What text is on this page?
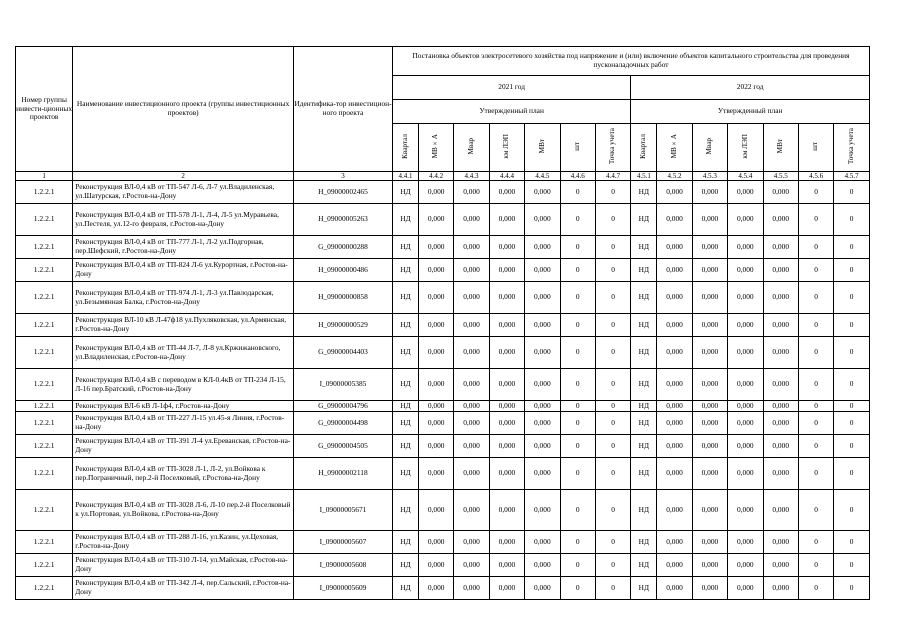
Номер группы инвести-ционных проектов	Наименование инвестиционного проекта (группы инвестиционных проектов)	Идентифика-тор инвестицион-ного проекта	Постановка объектов электросетевого хозяйства под напряжение и (или) включение объектов капитального строительства для проведения пусконаладочных работ													
			2021 год							2022 год						
			Утвержденный план							Утвержденный план						
			Квартал	МВ×А	Мвар	км ЛЭП	МВт	шт	Точка учета	Квартал	МВ×А	Мвар	км ЛЭП	МВт	шт	Точка учета
1	2	3	4.4.1	4.4.2	4.4.3	4.4.4	4.4.5	4.4.6	4.4.7	4.5.1	4.5.2	4.5.3	4.5.4	4.5.5	4.5.6	4.5.7
1.2.2.1	Реконструкция ВЛ-0,4 кВ от ТП-547 Л-6, Л-7 ул.Владиленская, ул.Шатурская, г.Ростов-на-Дону	H_09000002465	НД	0,000	0,000	0,000	0,000	0	0	НД	0,000	0,000	0,000	0,000	0	0
1.2.2.1	Реконструкция ВЛ-0,4 кВ от ТП-578 Л-1, Л-4, Л-5 ул.Муравьева, ул.Пестеля, ул.12-го февраля, г.Ростов-на-Дону	H_09000005263	НД	0,000	0,000	0,000	0,000	0	0	НД	0,000	0,000	0,000	0,000	0	0
1.2.2.1	Реконструкция ВЛ-0,4 кВ от ТП-777 Л-1, Л-2 ул.Подгорная, пер.Шефский, г.Ростов-на-Дону	G_09000000288	НД	0,000	0,000	0,000	0,000	0	0	НД	0,000	0,000	0,000	0,000	0	0
1.2.2.1	Реконструкция ВЛ-0,4 кВ от ТП-824 Л-6 ул.Курортная, г.Ростов-на-Дону	H_09000000486	НД	0,000	0,000	0,000	0,000	0	0	НД	0,000	0,000	0,000	0,000	0	0
1.2.2.1	Реконструкция ВЛ-0,4 кВ от ТП-974 Л-1, Л-3 ул.Павлодарская, ул.Безымянная Балка, г.Ростов-на-Дону	H_09000000858	НД	0,000	0,000	0,000	0,000	0	0	НД	0,000	0,000	0,000	0,000	0	0
1.2.2.1	Реконструкция ВЛ-10 кВ Л-47ф18 ул.Пухляковская, ул.Армянская, г.Ростов-на-Дону	H_09000000529	НД	0,000	0,000	0,000	0,000	0	0	НД	0,000	0,000	0,000	0,000	0	0
1.2.2.1	Реконструкция ВЛ-0,4 кВ от ТП-44 Л-7, Л-8 ул.Кржижановского, ул.Владиленская, г.Ростов-на-Дону	G_09000004403	НД	0,000	0,000	0,000	0,000	0	0	НД	0,000	0,000	0,000	0,000	0	0
1.2.2.1	Реконструкция ВЛ-0,4 кВ с переводом в КЛ-0.4кВ от ТП-234 Л-15, Л-16 пер.Братский, г.Ростов-на-Дону	I_09000005385	НД	0,000	0,000	0,000	0,000	0	0	НД	0,000	0,000	0,000	0,000	0	0
1.2.2.1	Реконструкция ВЛ-6 кВ Л-1ф4, г.Ростов-на-Дону	G_09000004796	НД	0,000	0,000	0,000	0,000	0	0	НД	0,000	0,000	0,000	0,000	0	0
1.2.2.1	Реконструкция ВЛ-0,4 кВ от ТП-227 Л-15 ул.45-я Линия, г.Ростов-на-Дону	G_09000004498	НД	0,000	0,000	0,000	0,000	0	0	НД	0,000	0,000	0,000	0,000	0	0
1.2.2.1	Реконструкция ВЛ-0,4 кВ от ТП-391 Л-4 ул.Ереванская, г.Ростов-на-Дону	G_09000004505	НД	0,000	0,000	0,000	0,000	0	0	НД	0,000	0,000	0,000	0,000	0	0
1.2.2.1	Реконструкция ВЛ-0,4 кВ от ТП-3028 Л-1, Л-2, ул.Войкова к пер.Пограничный, пер.2-й Поселковый, г.Ростова-на-Дону	H_09000002118	НД	0,000	0,000	0,000	0,000	0	0	НД	0,000	0,000	0,000	0,000	0	0
1.2.2.1	Реконструкция ВЛ-0,4 кВ от ТП-3028 Л-6, Л-10 пер.2-й Поселковый к ул.Портовая, ул.Войкова, г.Ростова-на-Дону	I_09000005671	НД	0,000	0,000	0,000	0,000	0	0	НД	0,000	0,000	0,000	0,000	0	0
1.2.2.1	Реконструкция ВЛ-0,4 кВ от ТП-288 Л-16, ул.Казин, ул.Цеховая, г.Ростов-на-Дону	I_09000005607	НД	0,000	0,000	0,000	0,000	0	0	НД	0,000	0,000	0,000	0,000	0	0
1.2.2.1	Реконструкция ВЛ-0,4 кВ от ТП-310 Л-14, ул.Майская, г.Ростов-на-Дону	I_09000005608	НД	0,000	0,000	0,000	0,000	0	0	НД	0,000	0,000	0,000	0,000	0	0
1.2.2.1	Реконструкция ВЛ-0,4 кВ от ТП-342 Л-4, пер.Сальский, г.Ростов-на-Дону	I_09000005609	НД	0,000	0,000	0,000	0,000	0	0	НД	0,000	0,000	0,000	0,000	0	0
